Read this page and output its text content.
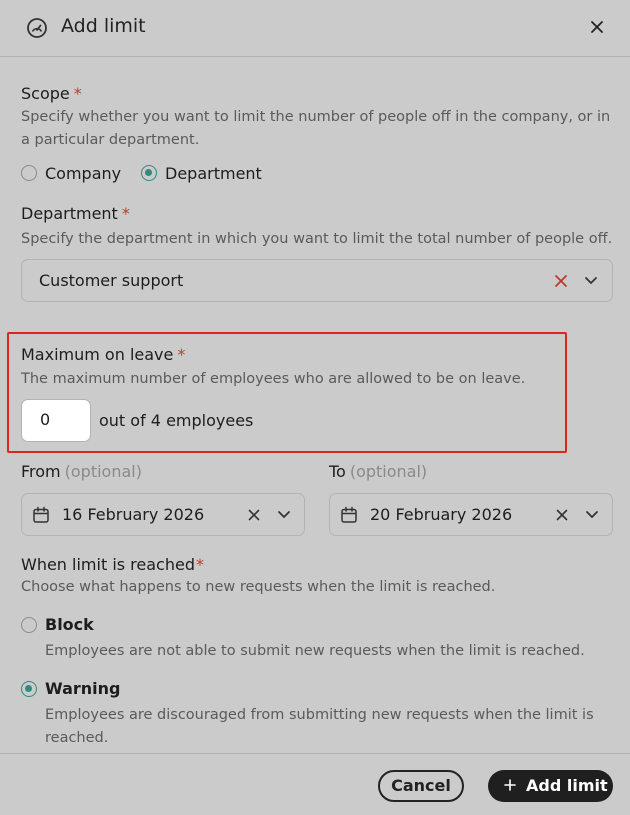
Add limit
Scope *
Specify whether you want to limit the number of people off in the company, or in a particular department.
Company	Department
Department *
Specify the department in which you want to limit the total number of people off.
Customer support
Maximum on leave *
The maximum number of employees who are allowed to be on leave.
0	out of 4 employees
From (optional)
16 February 2026
To (optional)
20 February 2026
When limit is reached*
Choose what happens to new requests when the limit is reached.
Block
Employees are not able to submit new requests when the limit is reached.
Warning
Employees are discouraged from submitting new requests when the limit is reached.
Cancel	Add limit
